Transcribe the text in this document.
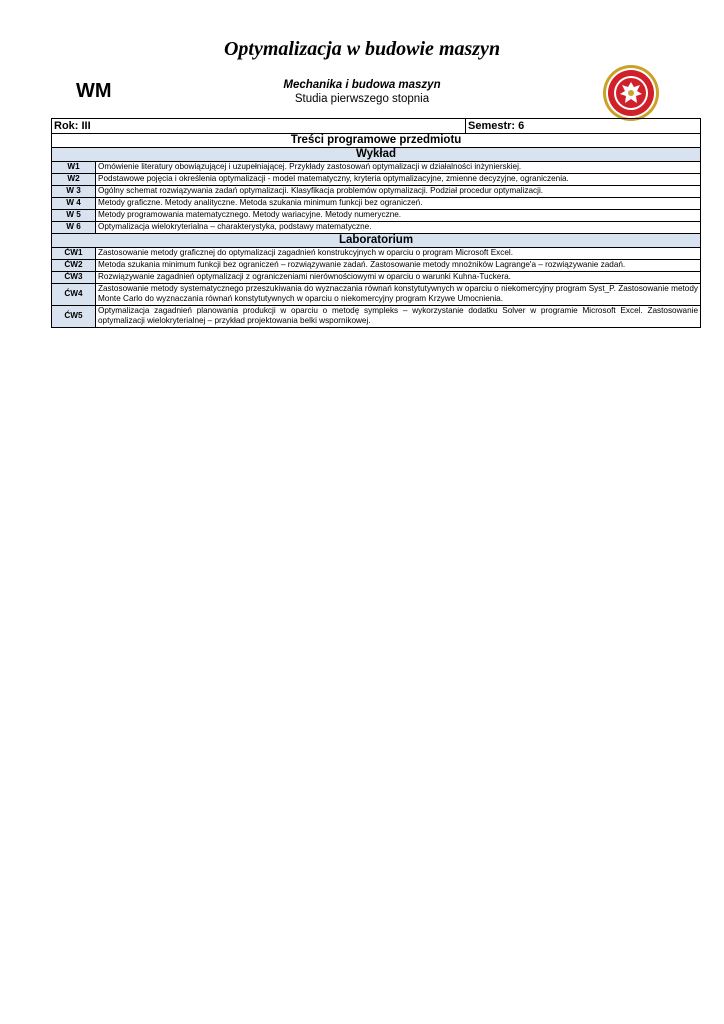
Optymalizacja w budowie maszyn
WM	Mechanika i budowa maszyn
Studia pierwszego stopnia
Rok: III		Semestr: 6
Treści programowe przedmiotu		
Wykład		
W1	Omówienie literatury obowiązującej i uzupełniającej. Przykłady zastosowań optymalizacji w działalności inżynierskiej.	
W2	Podstawowe pojęcia i określenia optymalizacji - model matematyczny, kryteria optymalizacyjne, zmienne decyzyjne, ograniczenia.	
W 3	Ogólny schemat rozwiązywania zadań optymalizacji. Klasyfikacja problemów optymalizacji. Podział procedur optymalizacji.	
W 4	Metody graficzne. Metody analityczne. Metoda szukania minimum funkcji bez ograniczeń.	
W 5	Metody programowania matematycznego. Metody wariacyjne. Metody numeryczne.	
W 6	Optymalizacja wielokryterialna – charakterystyka, podstawy matematyczne.	
Laboratorium		
ĆW1	Zastosowanie metody graficznej do optymalizacji zagadnień konstrukcyjnych w oparciu o program Microsoft Excel.	
ĆW2	Metoda szukania minimum funkcji bez ograniczeń – rozwiązywanie zadań. Zastosowanie metody mnożników Lagrange'a – rozwiązywanie zadań.	
ĆW3	Rozwiązywanie zagadnień optymalizacji z ograniczeniami nierównościowymi w oparciu o warunki Kuhna-Tuckera.	
ĆW4	Zastosowanie metody systematycznego przeszukiwania do wyznaczania równań konstytutywnych w oparciu o niekomercyjny program Syst_P. Zastosowanie metody Monte Carlo do wyznaczania równań konstytutywnych w oparciu o niekomercyjny program Krzywe Umocnienia.	
ĆW5	Optymalizacja zagadnień planowania produkcji w oparciu o metodę sympleks – wykorzystanie dodatku Solver w programie Microsoft Excel. Zastosowanie optymalizacji wielokryterialnej – przykład projektowania belki wspornikowej.	
